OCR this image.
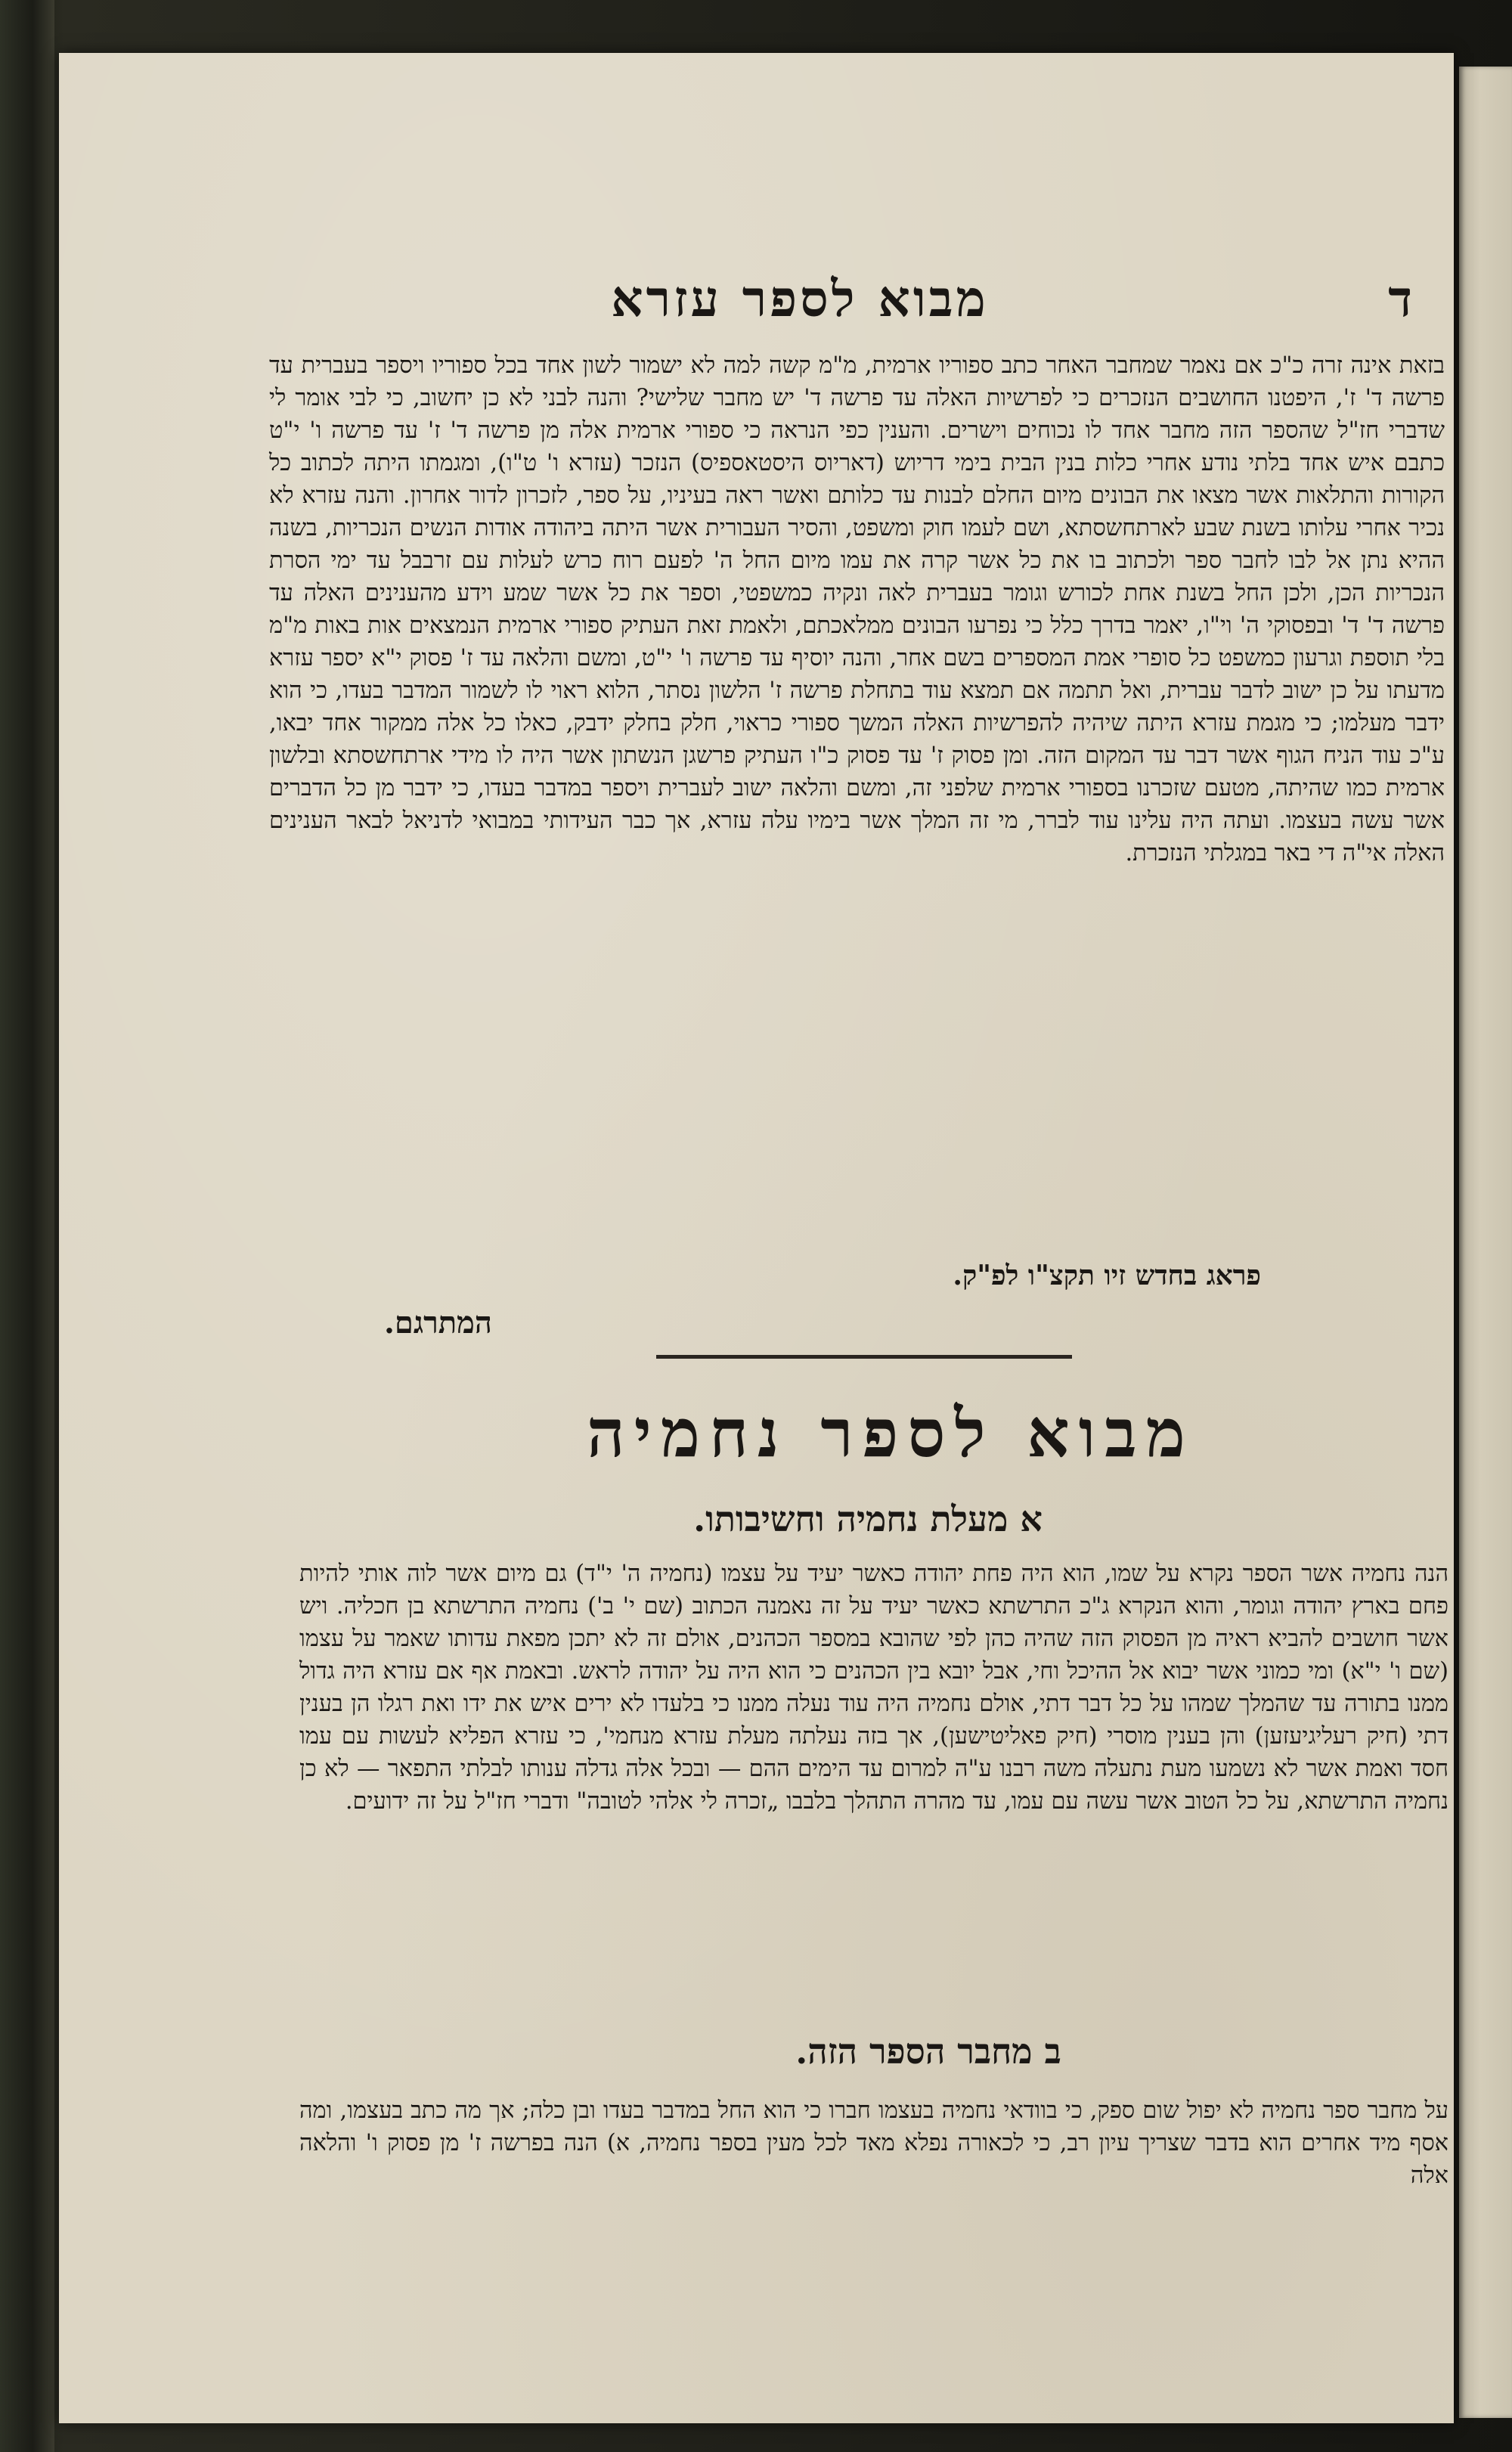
ד
מבוא לספר עזרא
בזאת אינה זרה כ"כ אם נאמר שמחבר האחר כתב ספוריו ארמית, מ"מ קשה למה לא ישמור לשון אחד בכל ספוריו ויספר בעברית עד פרשה ד' ז', היפטנו החושבים הנזכרים כי לפרשיות האלה עד פרשה ד' יש מחבר שלישי? והנה לבני לא כן יחשוב, כי לבי אומר לי שדברי חז"ל שהספר הזה מחבר אחד לו נכוחים וישרים. והענין כפי הנראה כי ספורי ארמית אלה מן פרשה ד' ז' עד פרשה ו' י"ט כתבם איש אחד בלתי נודע אחרי כלות בנין הבית בימי דריוש (דאריוס היסטאספיס) הנזכר (עזרא ו' ט"ו), ומגמתו היתה לכתוב כל הקורות והתלאות אשר מצאו את הבונים מיום החלם לבנות עד כלותם ואשר ראה בעיניו, על ספר, לזכרון לדור אחרון. והנה עזרא לא נכיר אחרי עלותו בשנת שבע לארתחשסתא, ושם לעמו חוק ומשפט, והסיר העבורית אשר היתה ביהודה אודות הנשים הנכריות, בשנה ההיא נתן אל לבו לחבר ספר ולכתוב בו את כל אשר קרה את עמו מיום החל ה' לפעם רוח כרש לעלות עם זרבבל עד ימי הסרת הנכריות הכן, ולכן החל בשנת אחת לכורש וגומר בעברית לאה ונקיה כמשפטי, וספר את כל אשר שמע וידע מהענינים האלה עד פרשה ד' ד' ובפסוקי ה' וי"ו, יאמר בדרך כלל כי נפרעו הבונים ממלאכתם, ולאמת זאת העתיק ספורי ארמית הנמצאים אות באות מ"מ בלי תוספת וגרעון כמשפט כל סופרי אמת המספרים בשם אחר, והנה יוסיף עד פרשה ו' י"ט, ומשם והלאה עד ז' פסוק י"א יספר עזרא מדעתו על כן ישוב לדבר עברית, ואל תתמה אם תמצא עוד בתחלת פרשה ז' הלשון נסתר, הלוא ראוי לו לשמור המדבר בעדו, כי הוא ידבר מעלמו; כי מגמת עזרא היתה שיהיה להפרשיות האלה המשך ספורי כראוי, חלק בחלק ידבק, כאלו כל אלה ממקור אחד יבאו, ע"כ עוד הניח הגוף אשר דבר עד המקום הזה. ומן פסוק ז' עד פסוק כ"ו העתיק פרשגן הנשתון אשר היה לו מידי ארתחשסתא ובלשון ארמית כמו שהיתה, מטעם שזכרנו בספורי ארמית שלפני זה, ומשם והלאה ישוב לעברית ויספר במדבר בעדו, כי ידבר מן כל הדברים אשר עשה בעצמו. ועתה היה עלינו עוד לברר, מי זה המלך אשר בימיו עלה עזרא, אך כבר העידותי במבואי לדניאל לבאר הענינים האלה אי"ה די באר במגלתי הנזכרת.
פראג בחדש זיו תקצ"ו לפ"ק.
המתרגם.
מבוא לספר נחמיה
א מעלת נחמיה וחשיבותו.
הנה נחמיה אשר הספר נקרא על שמו, הוא היה פחת יהודה כאשר יעיד על עצמו (נחמיה ה' י"ד) גם מיום אשר לוה אותי להיות פחם בארץ יהודה וגומר, והוא הנקרא ג"כ התרשתא כאשר יעיד על זה נאמנה הכתוב (שם י' ב') נחמיה התרשתא בן חכליה. ויש אשר חושבים להביא ראיה מן הפסוק הזה שהיה כהן לפי שהובא במספר הכהנים, אולם זה לא יתכן מפאת עדותו שאמר על עצמו (שם ו' י"א) ומי כמוני אשר יבוא אל ההיכל וחי, אבל יובא בין הכהנים כי הוא היה על יהודה לראש. ובאמת אף אם עזרא היה גדול ממנו בתורה עד שהמלך שמהו על כל דבר דתי, אולם נחמיה היה עוד נעלה ממנו כי בלעדו לא ירים איש את ידו ואת רגלו הן בענין דתי (חיק רעליגיעזען) והן בענין מוסרי (חיק פאליטישען), אך בזה נעלתה מעלת עזרא מנחמי', כי עזרא הפליא לעשות עם עמו חסד ואמת אשר לא נשמעו מעת נתעלה משה רבנו ע"ה למרום עד הימים ההם — ובכל אלה גדלה ענותו לבלתי התפאר — לא כן נחמיה התרשתא, על כל הטוב אשר עשה עם עמו, עד מהרה התהלך בלבבו „זכרה לי אלהי לטובה" ודברי חז"ל על זה ידועים.
ב מחבר הספר הזה.
על מחבר ספר נחמיה לא יפול שום ספק, כי בוודאי נחמיה בעצמו חברו כי הוא החל במדבר בעדו ובן כלה; אך מה כתב בעצמו, ומה אסף מיד אחרים הוא בדבר שצריך עיון רב, כי לכאורה נפלא מאד לכל מעין בספר נחמיה, א) הנה בפרשה ז' מן פסוק ו' והלאה אלה
